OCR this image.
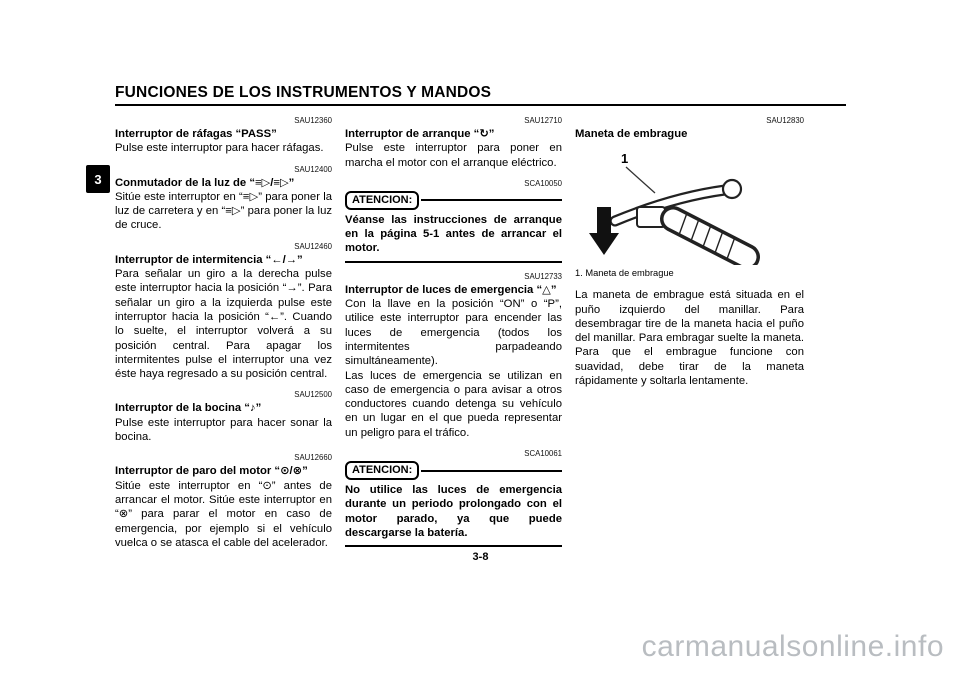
FUNCIONES DE LOS INSTRUMENTOS Y MANDOS
3
SAU12360
Interruptor de ráfagas “PASS”
Pulse este interruptor para hacer ráfagas.
SAU12400
Conmutador de la luz de “≡▷/≡▷”
Sitúe este interruptor en “≡▷” para poner la luz de carretera y en “≡▷” para poner la luz de cruce.
SAU12460
Interruptor de intermitencia “←/→”
Para señalar un giro a la derecha pulse este interruptor hacia la posición “→”. Para señalar un giro a la izquierda pulse este interruptor hacia la posición “←”. Cuando lo suelte, el interruptor volverá a su posición central. Para apagar los intermitentes pulse el interruptor una vez éste haya regresado a su posición central.
SAU12500
Interruptor de la bocina “♪”
Pulse este interruptor para hacer sonar la bocina.
SAU12660
Interruptor de paro del motor “⊙/⊗”
Sitúe este interruptor en “⊙” antes de arrancar el motor. Sitúe este interruptor en “⊗” para parar el motor en caso de emergencia, por ejemplo si el vehículo vuelca o se atasca el cable del acelerador.
SAU12710
Interruptor de arranque “↻”
Pulse este interruptor para poner en marcha el motor con el arranque eléctrico.
SCA10050
ATENCION:
Véanse las instrucciones de arranque en la página 5-1 antes de arrancar el motor.
SAU12733
Interruptor de luces de emergencia “△”
Con la llave en la posición “ON” o “P”, utilice este interruptor para encender las luces de emergencia (todos los intermitentes parpadeando simultáneamente).
Las luces de emergencia se utilizan en caso de emergencia o para avisar a otros conductores cuando detenga su vehículo en un lugar en el que pueda representar un peligro para el tráfico.
SCA10061
ATENCION:
No utilice las luces de emergencia durante un periodo prolongado con el motor parado, ya que puede descargarse la batería.
SAU12830
Maneta de embrague
1
1. Maneta de embrague
La maneta de embrague está situada en el puño izquierdo del manillar. Para desembragar tire de la maneta hacia el puño del manillar. Para embragar suelte la maneta. Para que el embrague funcione con suavidad, debe tirar de la maneta rápidamente y soltarla lentamente.
3-8
carmanualsonline.info
